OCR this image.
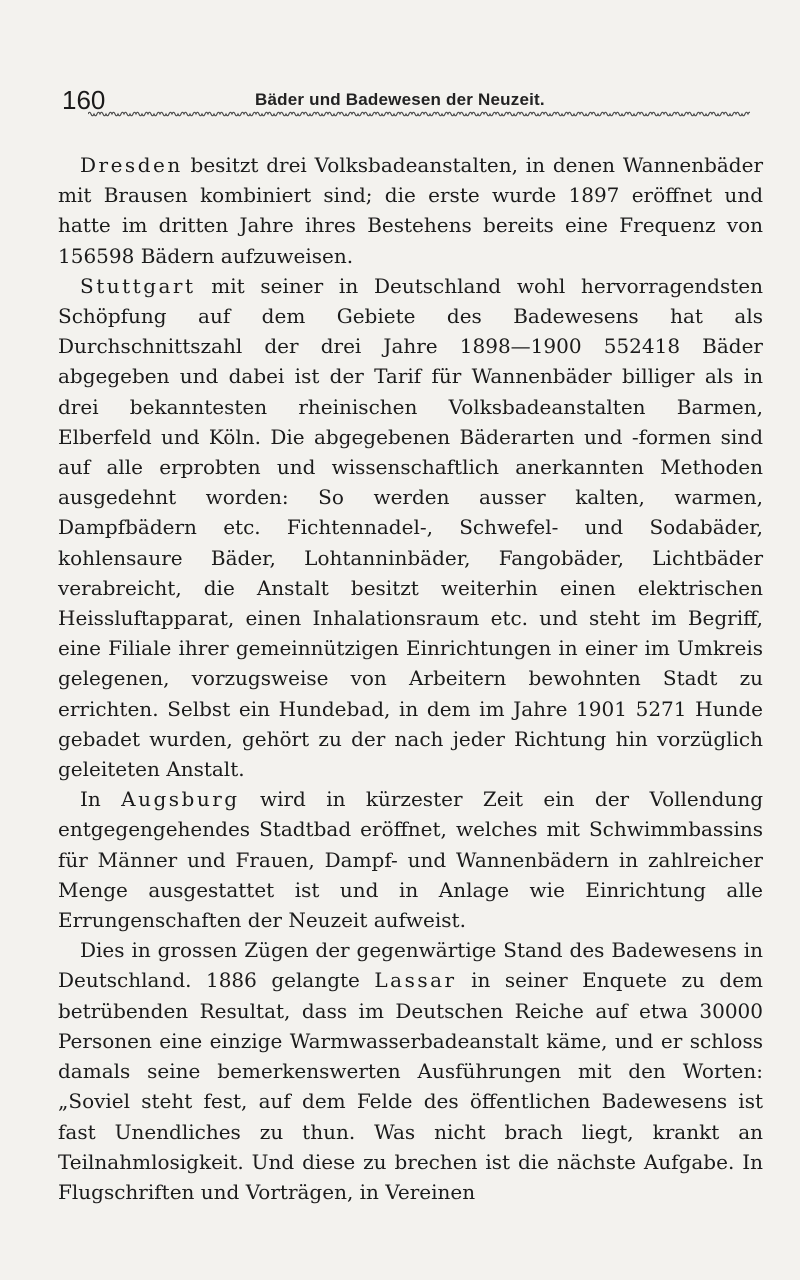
160	Bäder und Badewesen der Neuzeit.

Dresden besitzt drei Volksbadeanstalten, in denen Wannenbäder mit Brausen kombiniert sind; die erste wurde 1897 eröffnet und hatte im dritten Jahre ihres Bestehens bereits eine Frequenz von 156598 Bädern aufzuweisen.

Stuttgart mit seiner in Deutschland wohl hervorragendsten Schöpfung auf dem Gebiete des Badewesens hat als Durchschnittszahl der drei Jahre 1898—1900 552418 Bäder abgegeben und dabei ist der Tarif für Wannenbäder billiger als in drei bekanntesten rheinischen Volksbadeanstalten Barmen, Elberfeld und Köln. Die abgegebenen Bäderarten und -formen sind auf alle erprobten und wissenschaftlich anerkannten Methoden ausgedehnt worden: So werden ausser kalten, warmen, Dampfbädern etc. Fichtennadel-, Schwefel- und Sodabäder, kohlensaure Bäder, Lohtanninbäder, Fangobäder, Lichtbäder verabreicht, die Anstalt besitzt weiterhin einen elektrischen Heissluftapparat, einen Inhalationsraum etc. und steht im Begriff, eine Filiale ihrer gemeinnützigen Einrichtungen in einer im Umkreis gelegenen, vorzugsweise von Arbeitern bewohnten Stadt zu errichten. Selbst ein Hundebad, in dem im Jahre 1901 5271 Hunde gebadet wurden, gehört zu der nach jeder Richtung hin vorzüglich geleiteten Anstalt.

In Augsburg wird in kürzester Zeit ein der Vollendung entgegengehendes Stadtbad eröffnet, welches mit Schwimmbassins für Männer und Frauen, Dampf- und Wannenbädern in zahlreicher Menge ausgestattet ist und in Anlage wie Einrichtung alle Errungenschaften der Neuzeit aufweist.

Dies in grossen Zügen der gegenwärtige Stand des Badewesens in Deutschland. 1886 gelangte Lassar in seiner Enquete zu dem betrübenden Resultat, dass im Deutschen Reiche auf etwa 30000 Personen eine einzige Warmwasserbadeanstalt käme, und er schloss damals seine bemerkenswerten Ausführungen mit den Worten: „Soviel steht fest, auf dem Felde des öffentlichen Badewesens ist fast Unendliches zu thun. Was nicht brach liegt, krankt an Teilnahmlosigkeit. Und diese zu brechen ist die nächste Aufgabe. In Flugschriften und Vorträgen, in Vereinen
